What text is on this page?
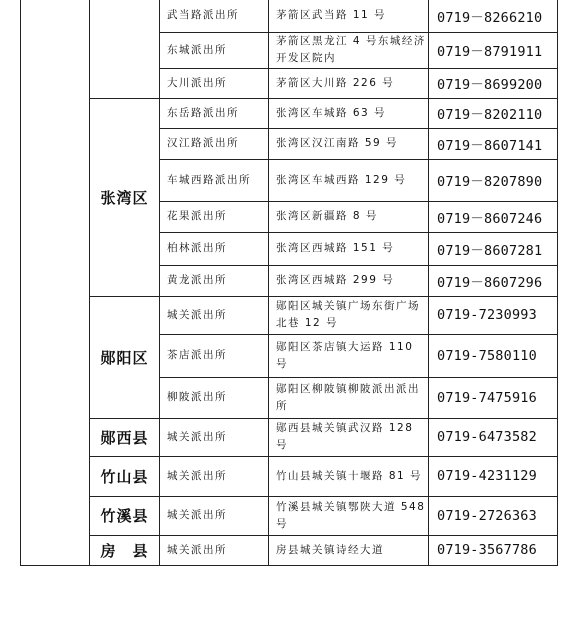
		武当路派出所	茅箭区武当路 11 号	0719－8266210
		东城派出所	茅箭区黑龙江 4 号东城经济开发区院内	0719－8791911
		大川派出所	茅箭区大川路 226 号	0719－8699200
	张湾区	东岳路派出所	张湾区车城路 63 号	0719－8202110
		汉江路派出所	张湾区汉江南路 59 号	0719－8607141
		车城西路派出所	张湾区车城西路 129 号	0719－8207890
		花果派出所	张湾区新疆路 8 号	0719－8607246
		柏林派出所	张湾区西城路 151 号	0719－8607281
		黄龙派出所	张湾区西城路 299 号	0719－8607296
	郧阳区	城关派出所	郧阳区城关镇广场东街广场北巷 12 号	0719-7230993
		茶店派出所	郧阳区茶店镇大运路 110 号	0719-7580110
		柳陂派出所	郧阳区柳陂镇柳陂派出派出所	0719-7475916
	郧西县	城关派出所	郧西县城关镇武汉路 128 号	0719-6473582
	竹山县	城关派出所	竹山县城关镇十堰路 81 号	0719-4231129
	竹溪县	城关派出所	竹溪县城关镇鄂陕大道 548 号	0719-2726363
	房　县	城关派出所	房县城关镇诗经大道	0719-3567786
